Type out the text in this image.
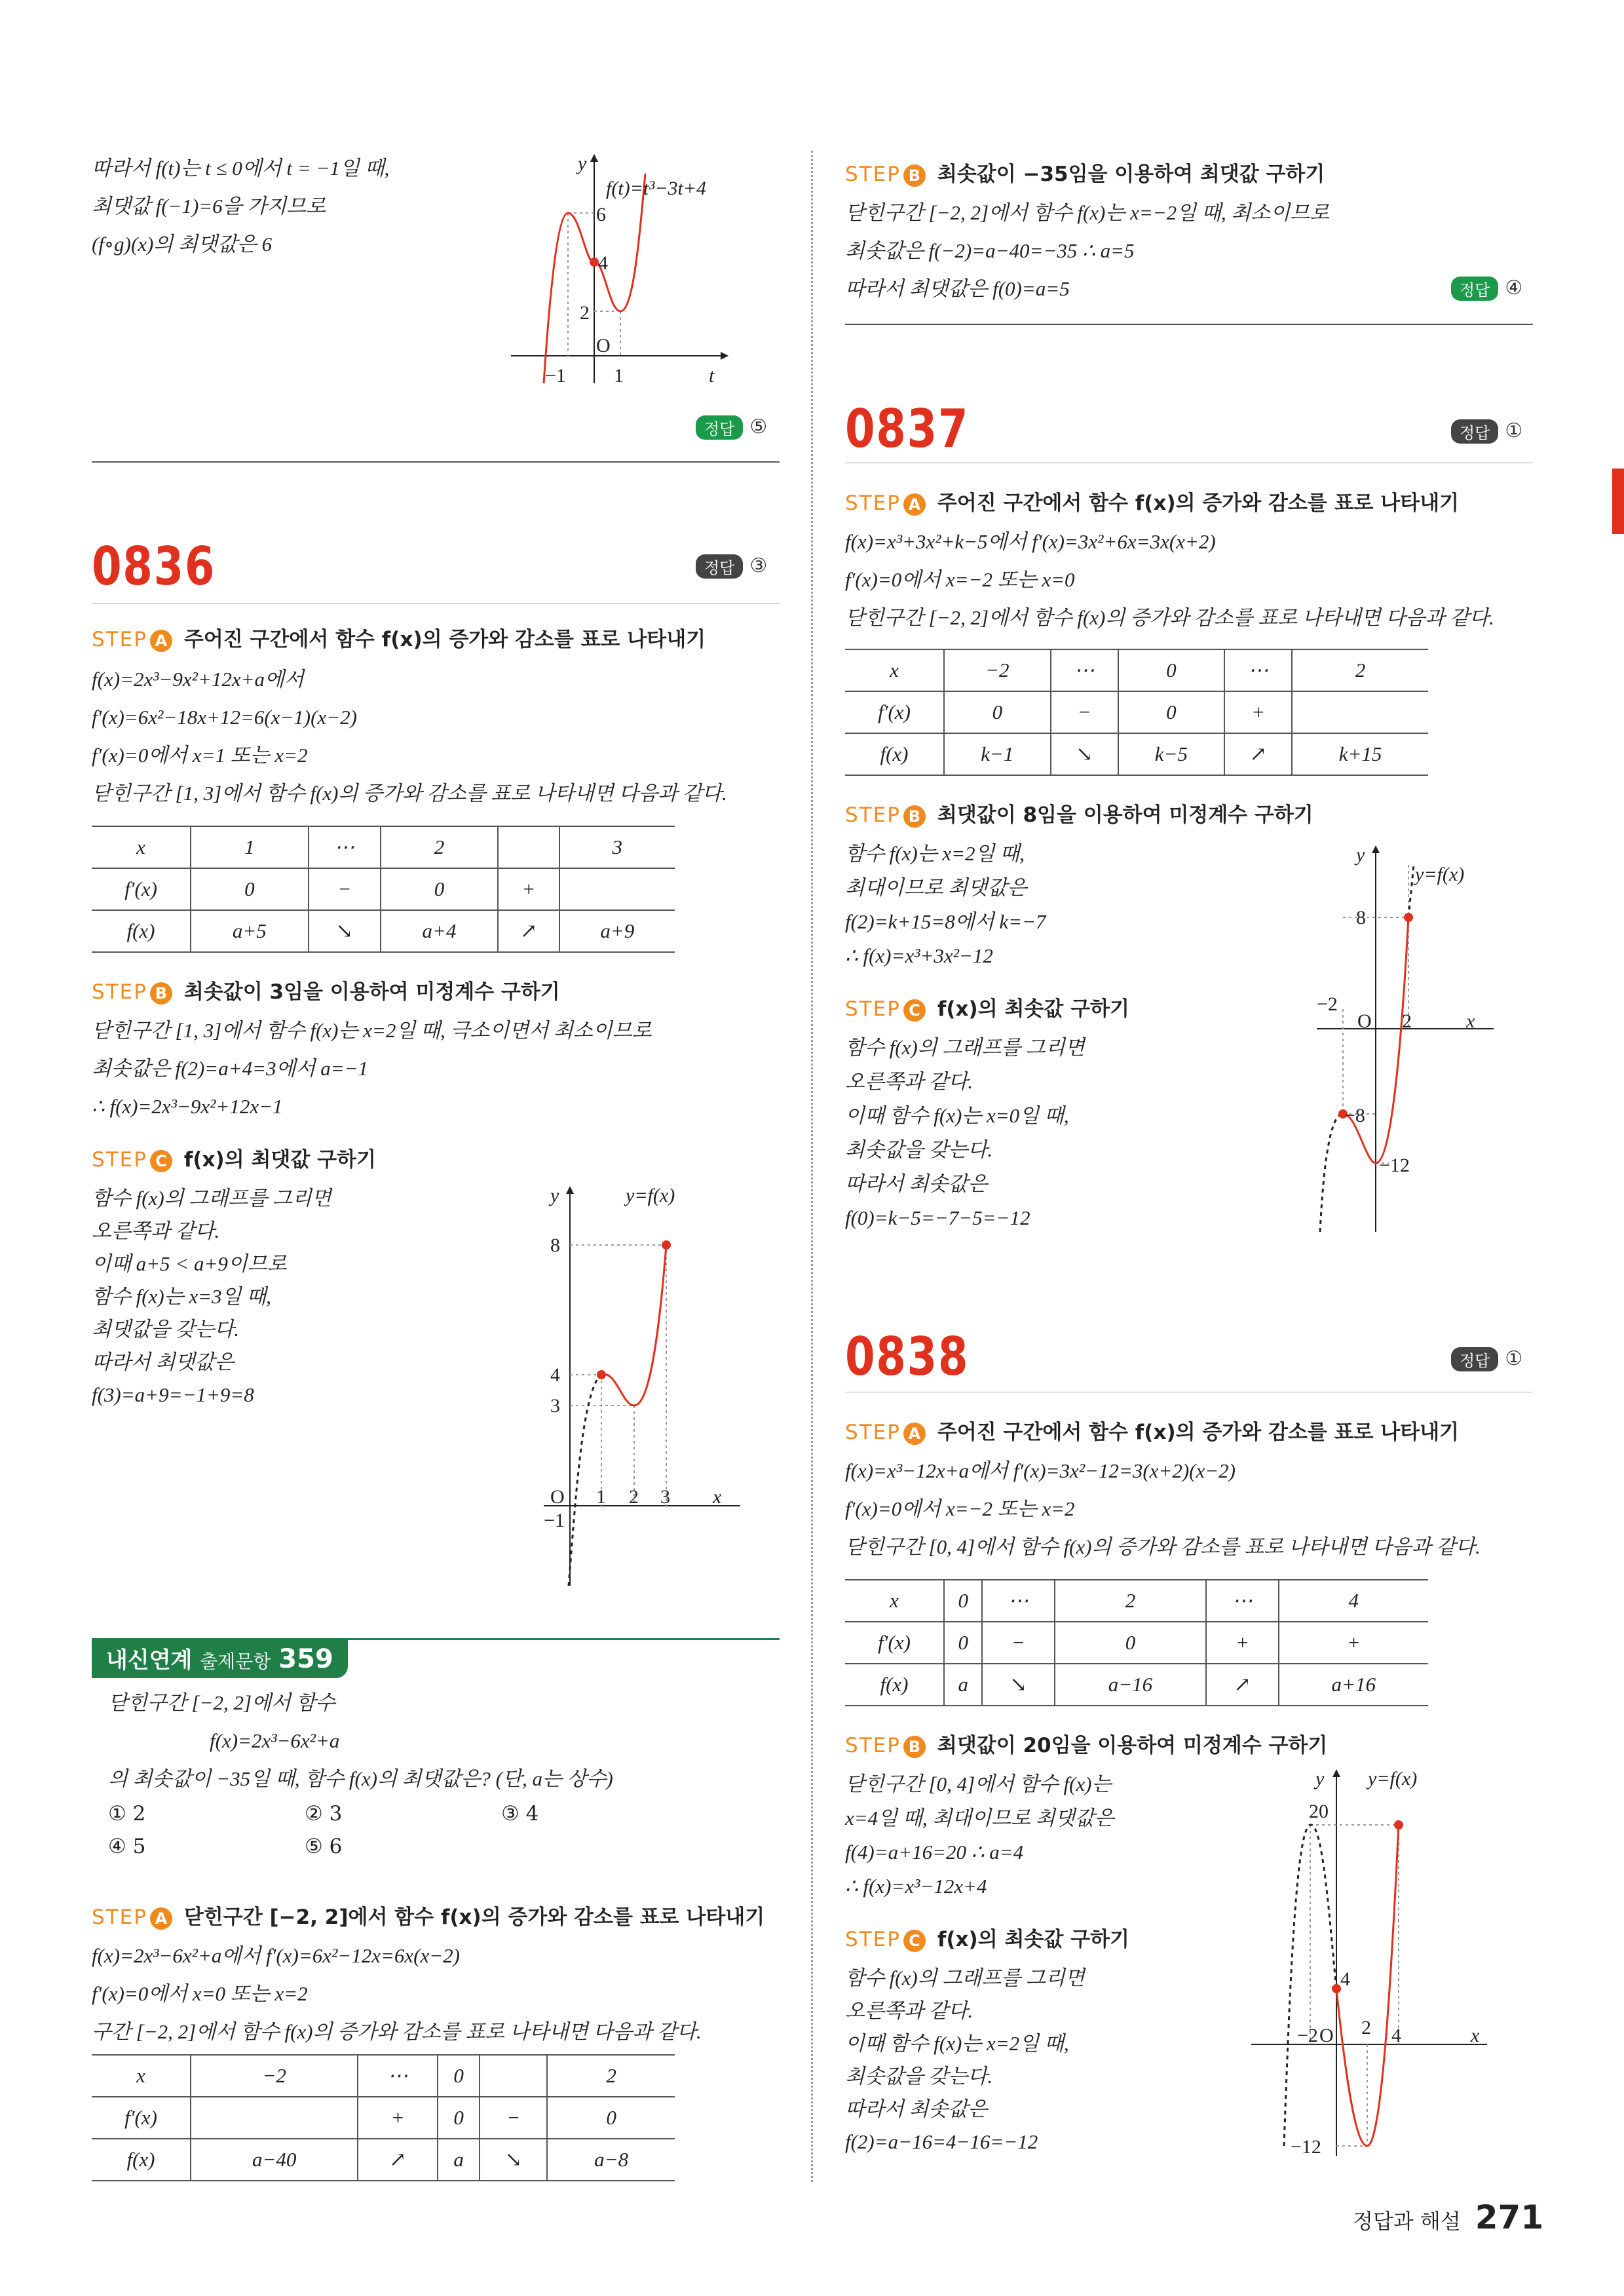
따라서 f(t)는 t ≤ 0에서 t = −1일 때,
최댓값 f(−1)=6을 가지므로
(f∘g)(x)의 최댓값은 6
y
f(t)=t³−3t+4
6
4
2
O
−1 1	t
정답 ⑤
0836	정답 ③
STEP A 주어진 구간에서 함수 f(x)의 증가와 감소를 표로 나타내기
f(x)=2x³−9x²+12x+a에서
f′(x)=6x²−18x+12=6(x−1)(x−2)
f′(x)=0에서 x=1 또는 x=2
닫힌구간 [1, 3]에서 함수 f(x)의 증가와 감소를 표로 나타내면 다음과 같다.
x	1	⋯	2		3
f′(x)	0	−	0	+	
f(x)	a+5	↘	a+4	↗	a+9
STEP B 최솟값이 3임을 이용하여 미정계수 구하기
닫힌구간 [1, 3]에서 함수 f(x)는 x=2일 때, 극소이면서 최소이므로
최솟값은 f(2)=a+4=3에서 a=−1
∴ f(x)=2x³−9x²+12x−1
STEP C f(x)의 최댓값 구하기
함수 f(x)의 그래프를 그리면
오른쪽과 같다.
이때 a+5 < a+9이므로
함수 f(x)는 x=3일 때,
최댓값을 갖는다.
따라서 최댓값은
f(3)=a+9=−1+9=8
y	y=f(x)
8
4
3
O
−1
1 2 3 x
내신연계 출제문항 359
닫힌구간 [−2, 2]에서 함수
f(x)=2x³−6x²+a
의 최솟값이 −35일 때, 함수 f(x)의 최댓값은? (단, a는 상수)
① 2	② 3	③ 4
④ 5	⑤ 6
STEP A 닫힌구간 [−2, 2]에서 함수 f(x)의 증가와 감소를 표로 나타내기
f(x)=2x³−6x²+a에서 f′(x)=6x²−12x=6x(x−2)
f′(x)=0에서 x=0 또는 x=2
구간 [−2, 2]에서 함수 f(x)의 증가와 감소를 표로 나타내면 다음과 같다.
x	−2	⋯	0		2
f′(x)		+	0	−	0
f(x)	a−40	↗	a	↘	a−8
STEP B 최솟값이 −35임을 이용하여 최댓값 구하기
닫힌구간 [−2, 2]에서 함수 f(x)는 x=−2일 때, 최소이므로
최솟값은 f(−2)=a−40=−35 ∴ a=5
따라서 최댓값은 f(0)=a=5	정답 ④
0837	정답 ①
STEP A 주어진 구간에서 함수 f(x)의 증가와 감소를 표로 나타내기
f(x)=x³+3x²+k−5에서 f′(x)=3x²+6x=3x(x+2)
f′(x)=0에서 x=−2 또는 x=0
닫힌구간 [−2, 2]에서 함수 f(x)의 증가와 감소를 표로 나타내면 다음과 같다.
x	−2	⋯	0	⋯	2
f′(x)	0	−	0	+	
f(x)	k−1	↘	k−5	↗	k+15
STEP B 최댓값이 8임을 이용하여 미정계수 구하기
함수 f(x)는 x=2일 때,
최대이므로 최댓값은
f(2)=k+15=8에서 k=−7
∴ f(x)=x³+3x²−12
STEP C f(x)의 최솟값 구하기
함수 f(x)의 그래프를 그리면
오른쪽과 같다.
이때 함수 f(x)는 x=0일 때,
최솟값을 갖는다.
따라서 최솟값은
f(0)=k−5=−7−5=−12
y
y=f(x)
8
−2
O 2	x
−8
−12
0838	정답 ①
STEP A 주어진 구간에서 함수 f(x)의 증가와 감소를 표로 나타내기
f(x)=x³−12x+a에서 f′(x)=3x²−12=3(x+2)(x−2)
f′(x)=0에서 x=−2 또는 x=2
닫힌구간 [0, 4]에서 함수 f(x)의 증가와 감소를 표로 나타내면 다음과 같다.
x	0	⋯	2	⋯	4
f′(x)	0	−	0	+	+
f(x)	a	↘	a−16	↗	a+16
STEP B 최댓값이 20임을 이용하여 미정계수 구하기
닫힌구간 [0, 4]에서 함수 f(x)는
x=4일 때, 최대이므로 최댓값은
f(4)=a+16=20 ∴ a=4
∴ f(x)=x³−12x+4
STEP C f(x)의 최솟값 구하기
함수 f(x)의 그래프를 그리면
오른쪽과 같다.
이때 함수 f(x)는 x=2일 때,
최솟값을 갖는다.
따라서 최솟값은
f(2)=a−16=4−16=−12
y y=f(x)
20
4
2
−2 O	4	x
−12
정답과 해설 271
